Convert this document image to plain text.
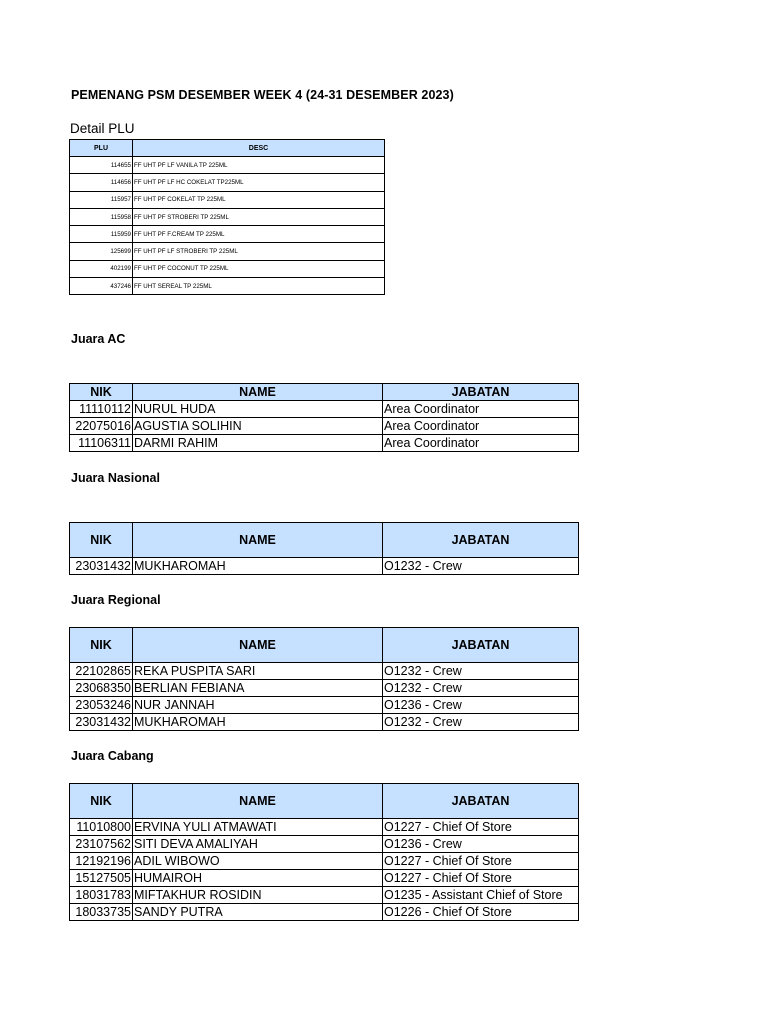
PEMENANG PSM DESEMBER WEEK 4 (24-31 DESEMBER 2023)
Detail PLU
PLU	DESC
114655	FF UHT PF LF VANILA TP 225ML
114656	FF UHT PF LF HC COKELAT TP225ML
115957	FF UHT PF COKELAT TP 225ML
115958	FF UHT PF STROBERI TP 225ML
115959	FF UHT PF F.CREAM TP 225ML
125699	FF UHT PF LF STROBERI TP 225ML
402199	FF UHT PF COCONUT TP 225ML
437246	FF UHT SEREAL TP 225ML
Juara AC
NIK	NAME	JABATAN
11110112	NURUL HUDA	Area Coordinator
22075016	AGUSTIA SOLIHIN	Area Coordinator
11106311	DARMI RAHIM	Area Coordinator
Juara Nasional
NIK	NAME	JABATAN
23031432	MUKHAROMAH	O1232 - Crew
Juara Regional
NIK	NAME	JABATAN
22102865	REKA PUSPITA SARI	O1232 - Crew
23068350	BERLIAN FEBIANA	O1232 - Crew
23053246	NUR JANNAH	O1236 - Crew
23031432	MUKHAROMAH	O1232 - Crew
Juara Cabang
NIK	NAME	JABATAN
11010800	ERVINA YULI ATMAWATI	O1227 - Chief Of Store
23107562	SITI DEVA AMALIYAH	O1236 - Crew
12192196	ADIL WIBOWO	O1227 - Chief Of Store
15127505	HUMAIROH	O1227 - Chief Of Store
18031783	MIFTAKHUR ROSIDIN	O1235 - Assistant Chief of Store
18033735	SANDY PUTRA	O1226 - Chief Of Store
